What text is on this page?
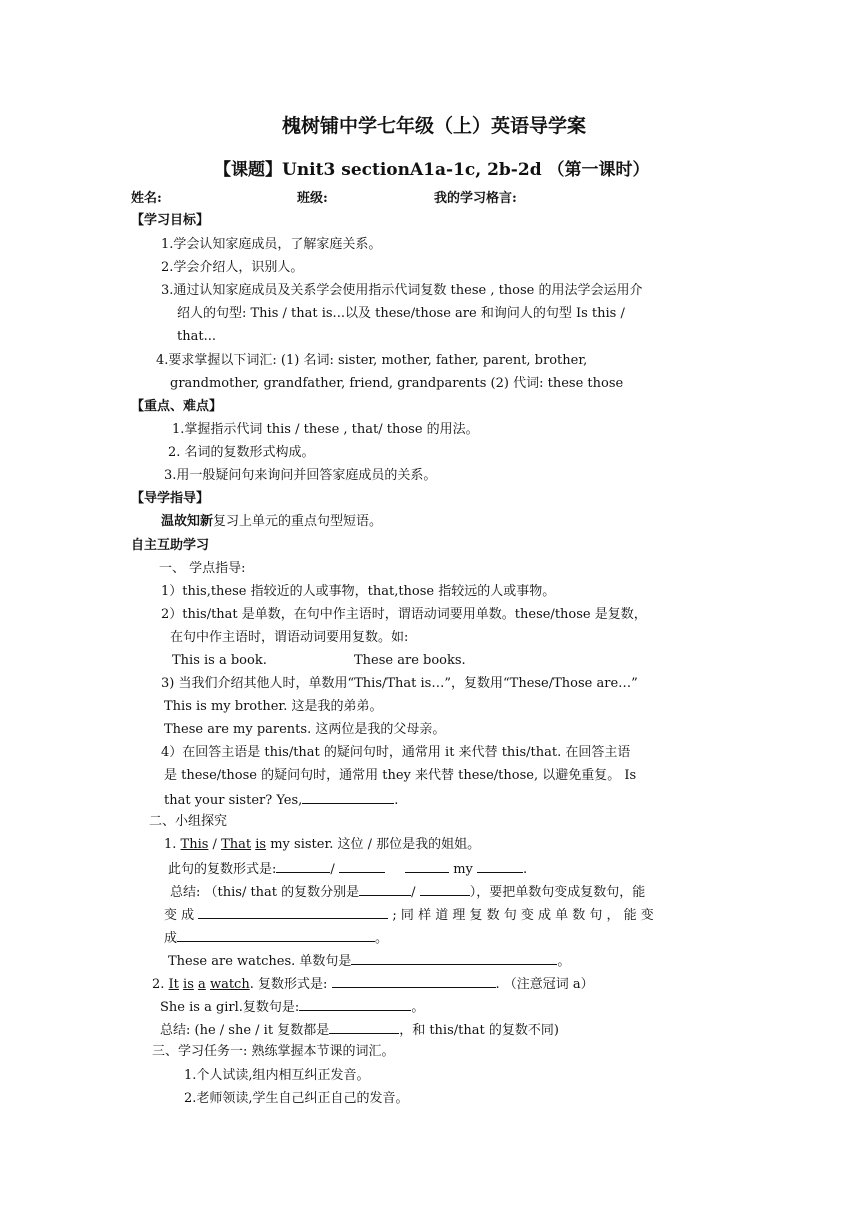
槐树铺中学七年级（上）英语导学案
【课题】Unit3 sectionA1a-1c, 2b-2d （第一课时）
姓名:	班级:	我的学习格言:
【学习目标】
1.学会认知家庭成员，了解家庭关系。
2.学会介绍人，识别人。
3.通过认知家庭成员及关系学会使用指示代词复数 these , those 的用法学会运用介
绍人的句型: This / that is...以及 these/those are 和询问人的句型 Is this /
that...
4.要求掌握以下词汇: (1) 名词: sister, mother, father, parent, brother,
grandmother, grandfather, friend, grandparents (2) 代词: these those
【重点、难点】
1.掌握指示代词 this / these , that/ those 的用法。
2. 名词的复数形式构成。
3.用一般疑问句来询问并回答家庭成员的关系。
【导学指导】
温故知新复习上单元的重点句型短语。
自主互助学习
一、 学点指导:
1）this,these 指较近的人或事物，that,those 指较远的人或事物。
2）this/that 是单数，在句中作主语时，谓语动词要用单数。these/those 是复数，
在句中作主语时，谓语动词要用复数。如:
This is a book.	These are books.
3) 当我们介绍其他人时，单数用“This/That is…”，复数用“These/Those are…”
This is my brother. 这是我的弟弟。
These are my parents. 这两位是我的父母亲。
4）在回答主语是 this/that 的疑问句时，通常用 it 来代替 this/that. 在回答主语
是 these/those 的疑问句时，通常用 they 来代替 these/those, 以避免重复。 Is
that your sister? Yes,	.
二、小组探究
1. This / That is my sister. 这位 / 那位是我的姐姐。
此句的复数形式是:	/	my	.
总结: （this/ that 的复数分别是	/	），要把单数句变成复数句，能
变 成	; 同 样 道 理 复 数 句 变 成 单 数 句 ， 能 变
成	。
These are watches. 单数句是	。
2. It is a watch. 复数形式是:	. （注意冠词 a）
She is a girl.复数句是:	。
总结: (he / she / it 复数都是	，和 this/that 的复数不同)
三、学习任务一: 熟练掌握本节课的词汇。
1.个人试读,组内相互纠正发音。
2.老师领读,学生自己纠正自己的发音。
